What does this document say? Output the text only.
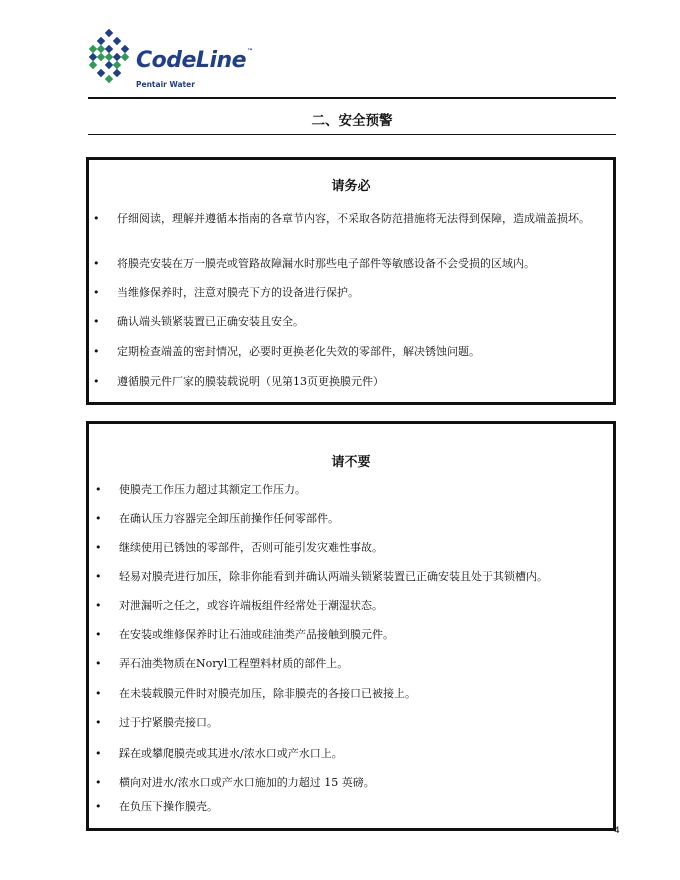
CodeLine™
Pentair Water
二、安全预警
请务必
• 仔细阅读，理解并遵循本指南的各章节内容，不采取各防范措施将无法得到保障，造成端盖损坏。
• 将膜壳安装在万一膜壳或管路故障漏水时那些电子部件等敏感设备不会受损的区域内。
• 当维修保养时，注意对膜壳下方的设备进行保护。
• 确认端头锁紧装置已正确安装且安全。
• 定期检查端盖的密封情况，必要时更换老化失效的零部件，解决锈蚀问题。
• 遵循膜元件厂家的膜装载说明（见第13页更换膜元件）
请不要
• 使膜壳工作压力超过其额定工作压力。
• 在确认压力容器完全卸压前操作任何零部件。
• 继续使用已锈蚀的零部件，否则可能引发灾难性事故。
• 轻易对膜壳进行加压，除非你能看到并确认两端头锁紧装置已正确安装且处于其锁槽内。
• 对泄漏听之任之，或容许端板组件经常处于潮湿状态。
• 在安装或维修保养时让石油或硅油类产品接触到膜元件。
• 弄石油类物质在Noryl工程塑料材质的部件上。
• 在未装载膜元件时对膜壳加压，除非膜壳的各接口已被接上。
• 过于拧紧膜壳接口。
• 踩在或攀爬膜壳或其进水/浓水口或产水口上。
• 横向对进水/浓水口或产水口施加的力超过 15 英磅。
• 在负压下操作膜壳。
4
